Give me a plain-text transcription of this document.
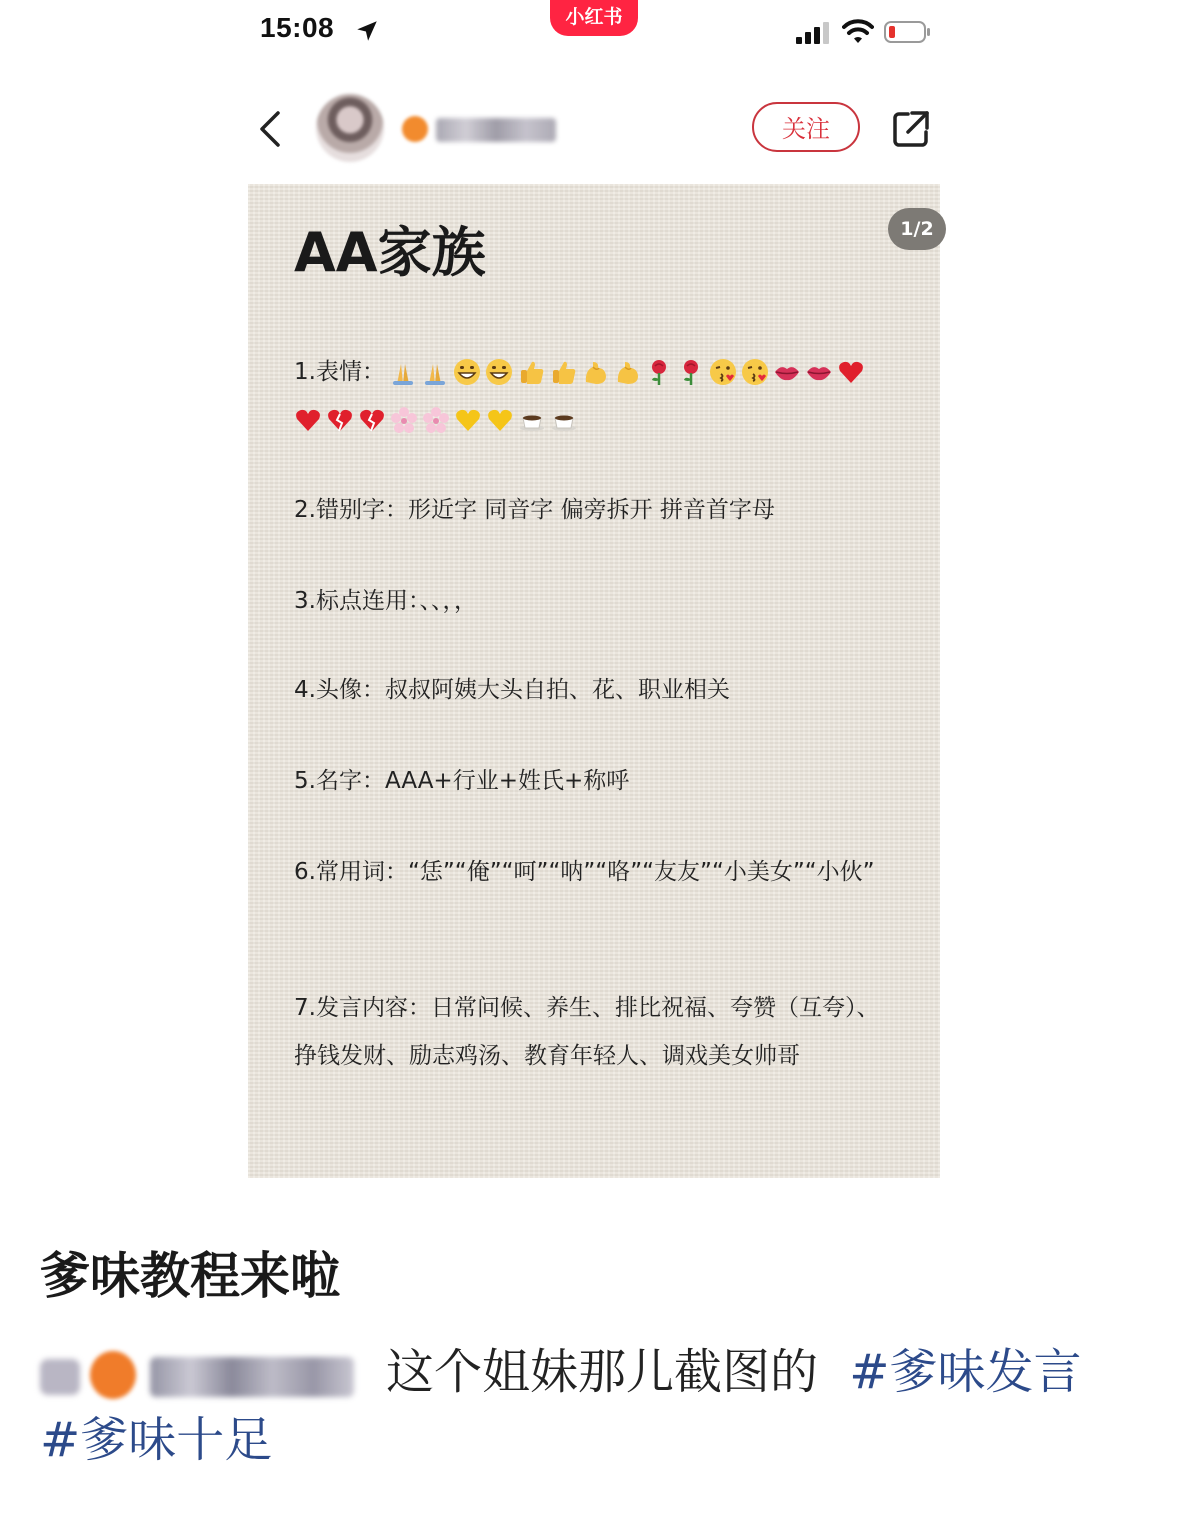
15:08	小红书
关注
1/2
AA家族
1.表情：
2.错别字：形近字 同音字 偏旁拆开 拼音首字母
3.标点连用：、、，，
4.头像：叔叔阿姨大头自拍、花、职业相关
5.名字：AAA+行业+姓氏+称呼
6.常用词：“恁”“俺”“呵”“呐”“咯”“友友”“小美女”“小伙”
7.发言内容：日常问候、养生、排比祝福、夸赞（互夸）、挣钱发财、励志鸡汤、教育年轻人、调戏美女帅哥
爹味教程来啦
这个姐妹那儿截图的 #爹味发言
#爹味十足
